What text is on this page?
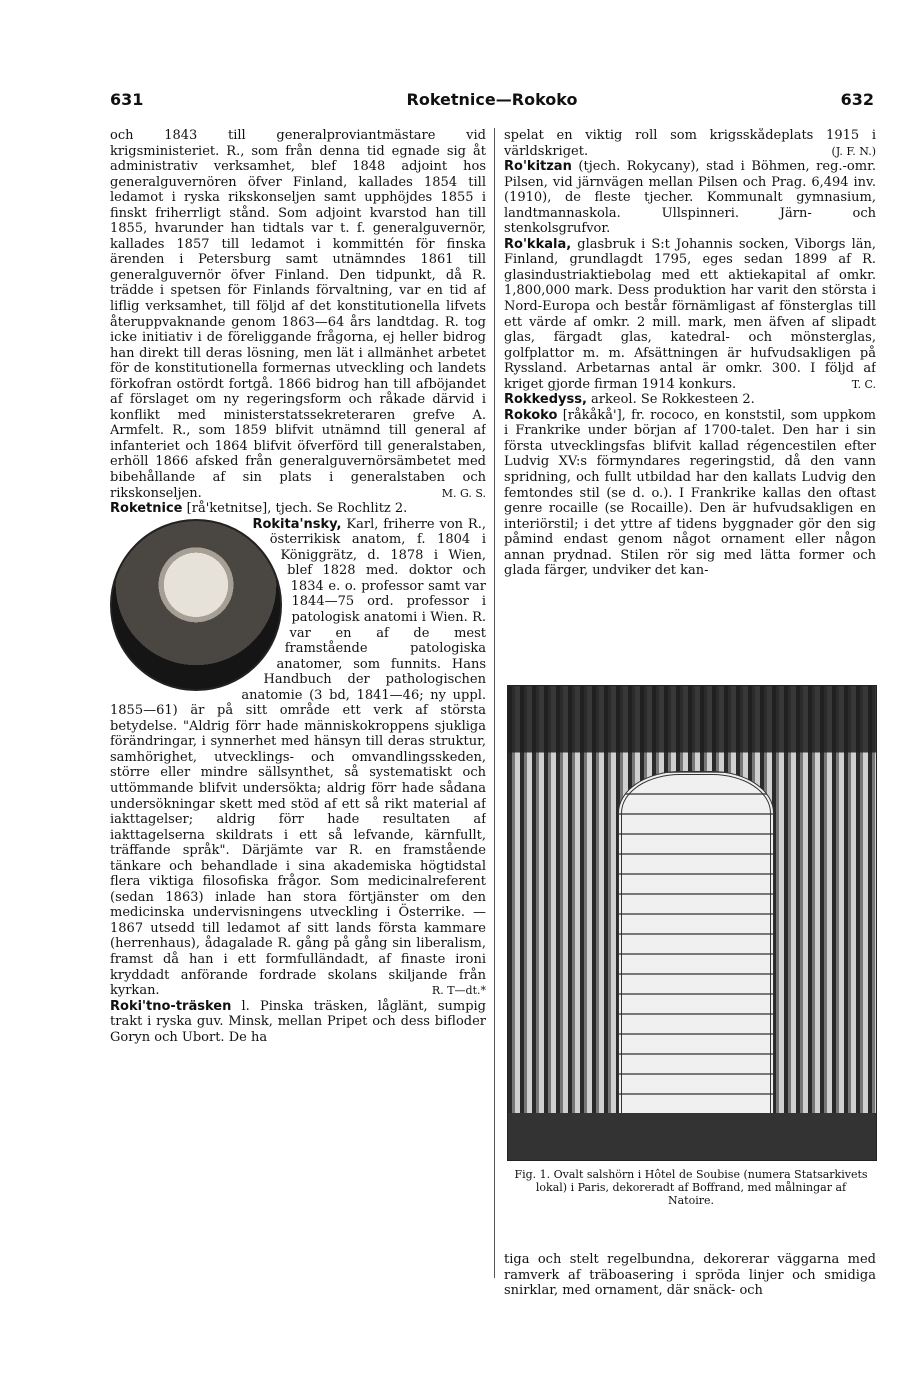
631	Roketnice—Rokoko	632

och 1843 till generalproviantmästare vid krigsministeriet. R., som från denna tid egnade sig åt administrativ verksamhet, blef 1848 adjoint hos generalguvernören öfver Finland, kallades 1854 till ledamot i ryska rikskonseljen samt upphöjdes 1855 i finskt friherrligt stånd. Som adjoint kvarstod han till 1855, hvarunder han tidtals var t. f. generalguvernör, kallades 1857 till ledamot i kommittén för finska ärenden i Petersburg samt utnämndes 1861 till generalguvernör öfver Finland. Den tidpunkt, då R. trädde i spetsen för Finlands förvaltning, var en tid af liflig verksamhet, till följd af det konstitutionella lifvets återuppvaknande genom 1863—64 års landtdag. R. tog icke initiativ i de föreliggande frågorna, ej heller bidrog han direkt till deras lösning, men lät i allmänhet arbetet för de konstitutionella formernas utveckling och landets förkofran ostördt fortgå. 1866 bidrog han till afböjandet af förslaget om ny regeringsform och råkade därvid i konflikt med ministerstatssekreteraren grefve A. Armfelt. R., som 1859 blifvit utnämnd till general af infanteriet och 1864 blifvit öfverförd till generalstaben, erhöll 1866 afsked från generalguvernörsämbetet med bibehållande af sin plats i generalstaben och rikskonseljen.	M. G. S.

Roketnice [rå'ketnitse], tjech. Se Rochlitz 2.

Rokita'nsky, Karl, friherre von R., österrikisk anatom, f. 1804 i Königgrätz, d. 1878 i Wien, blef 1828 med. doktor och 1834 e. o. professor samt var 1844—75 ord. professor i patologisk anatomi i Wien. R. var en af de mest framstående patologiska anatomer, som funnits. Hans Handbuch der pathologischen anatomie (3 bd, 1841—46; ny uppl. 1855—61) är på sitt område ett verk af största betydelse. "Aldrig förr hade människokroppens sjukliga förändringar, i synnerhet med hänsyn till deras struktur, samhörighet, utvecklings- och omvandlingsskeden, större eller mindre sällsynthet, så systematiskt och uttömmande blifvit undersökta; aldrig förr hade sådana undersökningar skett med stöd af ett så rikt material af iakttagelser; aldrig förr hade resultaten af iakttagelserna skildrats i ett så lefvande, kärnfullt, träffande språk". Därjämte var R. en framstående tänkare och behandlade i sina akademiska högtidstal flera viktiga filosofiska frågor. Som medicinalreferent (sedan 1863) inlade han stora förtjänster om den medicinska undervisningens utveckling i Österrike. — 1867 utsedd till ledamot af sitt lands första kammare (herrenhaus), ådagalade R. gång på gång sin liberalism, framst då han i ett formfulländadt, af finaste ironi kryddadt anförande fordrade skolans skiljande från kyrkan.	R. T—dt.*

Roki'tno-träsken l. Pinska träsken, låglänt, sumpig trakt i ryska guv. Minsk, mellan Pripet och dess bifloder Goryn och Ubort. De ha

spelat en viktig roll som krigsskådeplats 1915 i världskriget.	(J. F. N.)

Ro'kitzan (tjech. Rokycany), stad i Böhmen, reg.-omr. Pilsen, vid järnvägen mellan Pilsen och Prag. 6,494 inv. (1910), de fleste tjecher. Kommunalt gymnasium, landtmannaskola. Ullspinneri. Järn- och stenkolsgrufvor.

Ro'kkala, glasbruk i S:t Johannis socken, Viborgs län, Finland, grundlagdt 1795, eges sedan 1899 af R. glasindustriaktiebolag med ett aktiekapital af omkr. 1,800,000 mark. Dess produktion har varit den största i Nord-Europa och består förnämligast af fönsterglas till ett värde af omkr. 2 mill. mark, men äfven af slipadt glas, färgadt glas, katedral- och mönsterglas, golfplattor m. m. Afsättningen är hufvudsakligen på Ryssland. Arbetarnas antal är omkr. 300. I följd af kriget gjorde firman 1914 konkurs.	T. C.

Rokkedyss, arkeol. Se Rokkesteen 2.

Rokoko [råkåkå'], fr. rococo, en konststil, som uppkom i Frankrike under början af 1700-talet. Den har i sin första utvecklingsfas blifvit kallad régencestilen efter Ludvig XV:s förmyndares regeringstid, då den vann spridning, och fullt utbildad har den kallats Ludvig den femtondes stil (se d. o.). I Frankrike kallas den oftast genre rocaille (se Rocaille). Den är hufvudsakligen en interiörstil; i det yttre af tidens byggnader gör den sig påmind endast genom något ornament eller någon annan prydnad. Stilen rör sig med lätta former och glada färger, undviker det kan-

Fig. 1. Ovalt salshörn i Hôtel de Soubise (numera Statsarkivets lokal) i Paris, dekoreradt af Boffrand, med målningar af Natoire.

tiga och stelt regelbundna, dekorerar väggarna med ramverk af träboasering i spröda linjer och smidiga snirklar, med ornament, där snäck- och
